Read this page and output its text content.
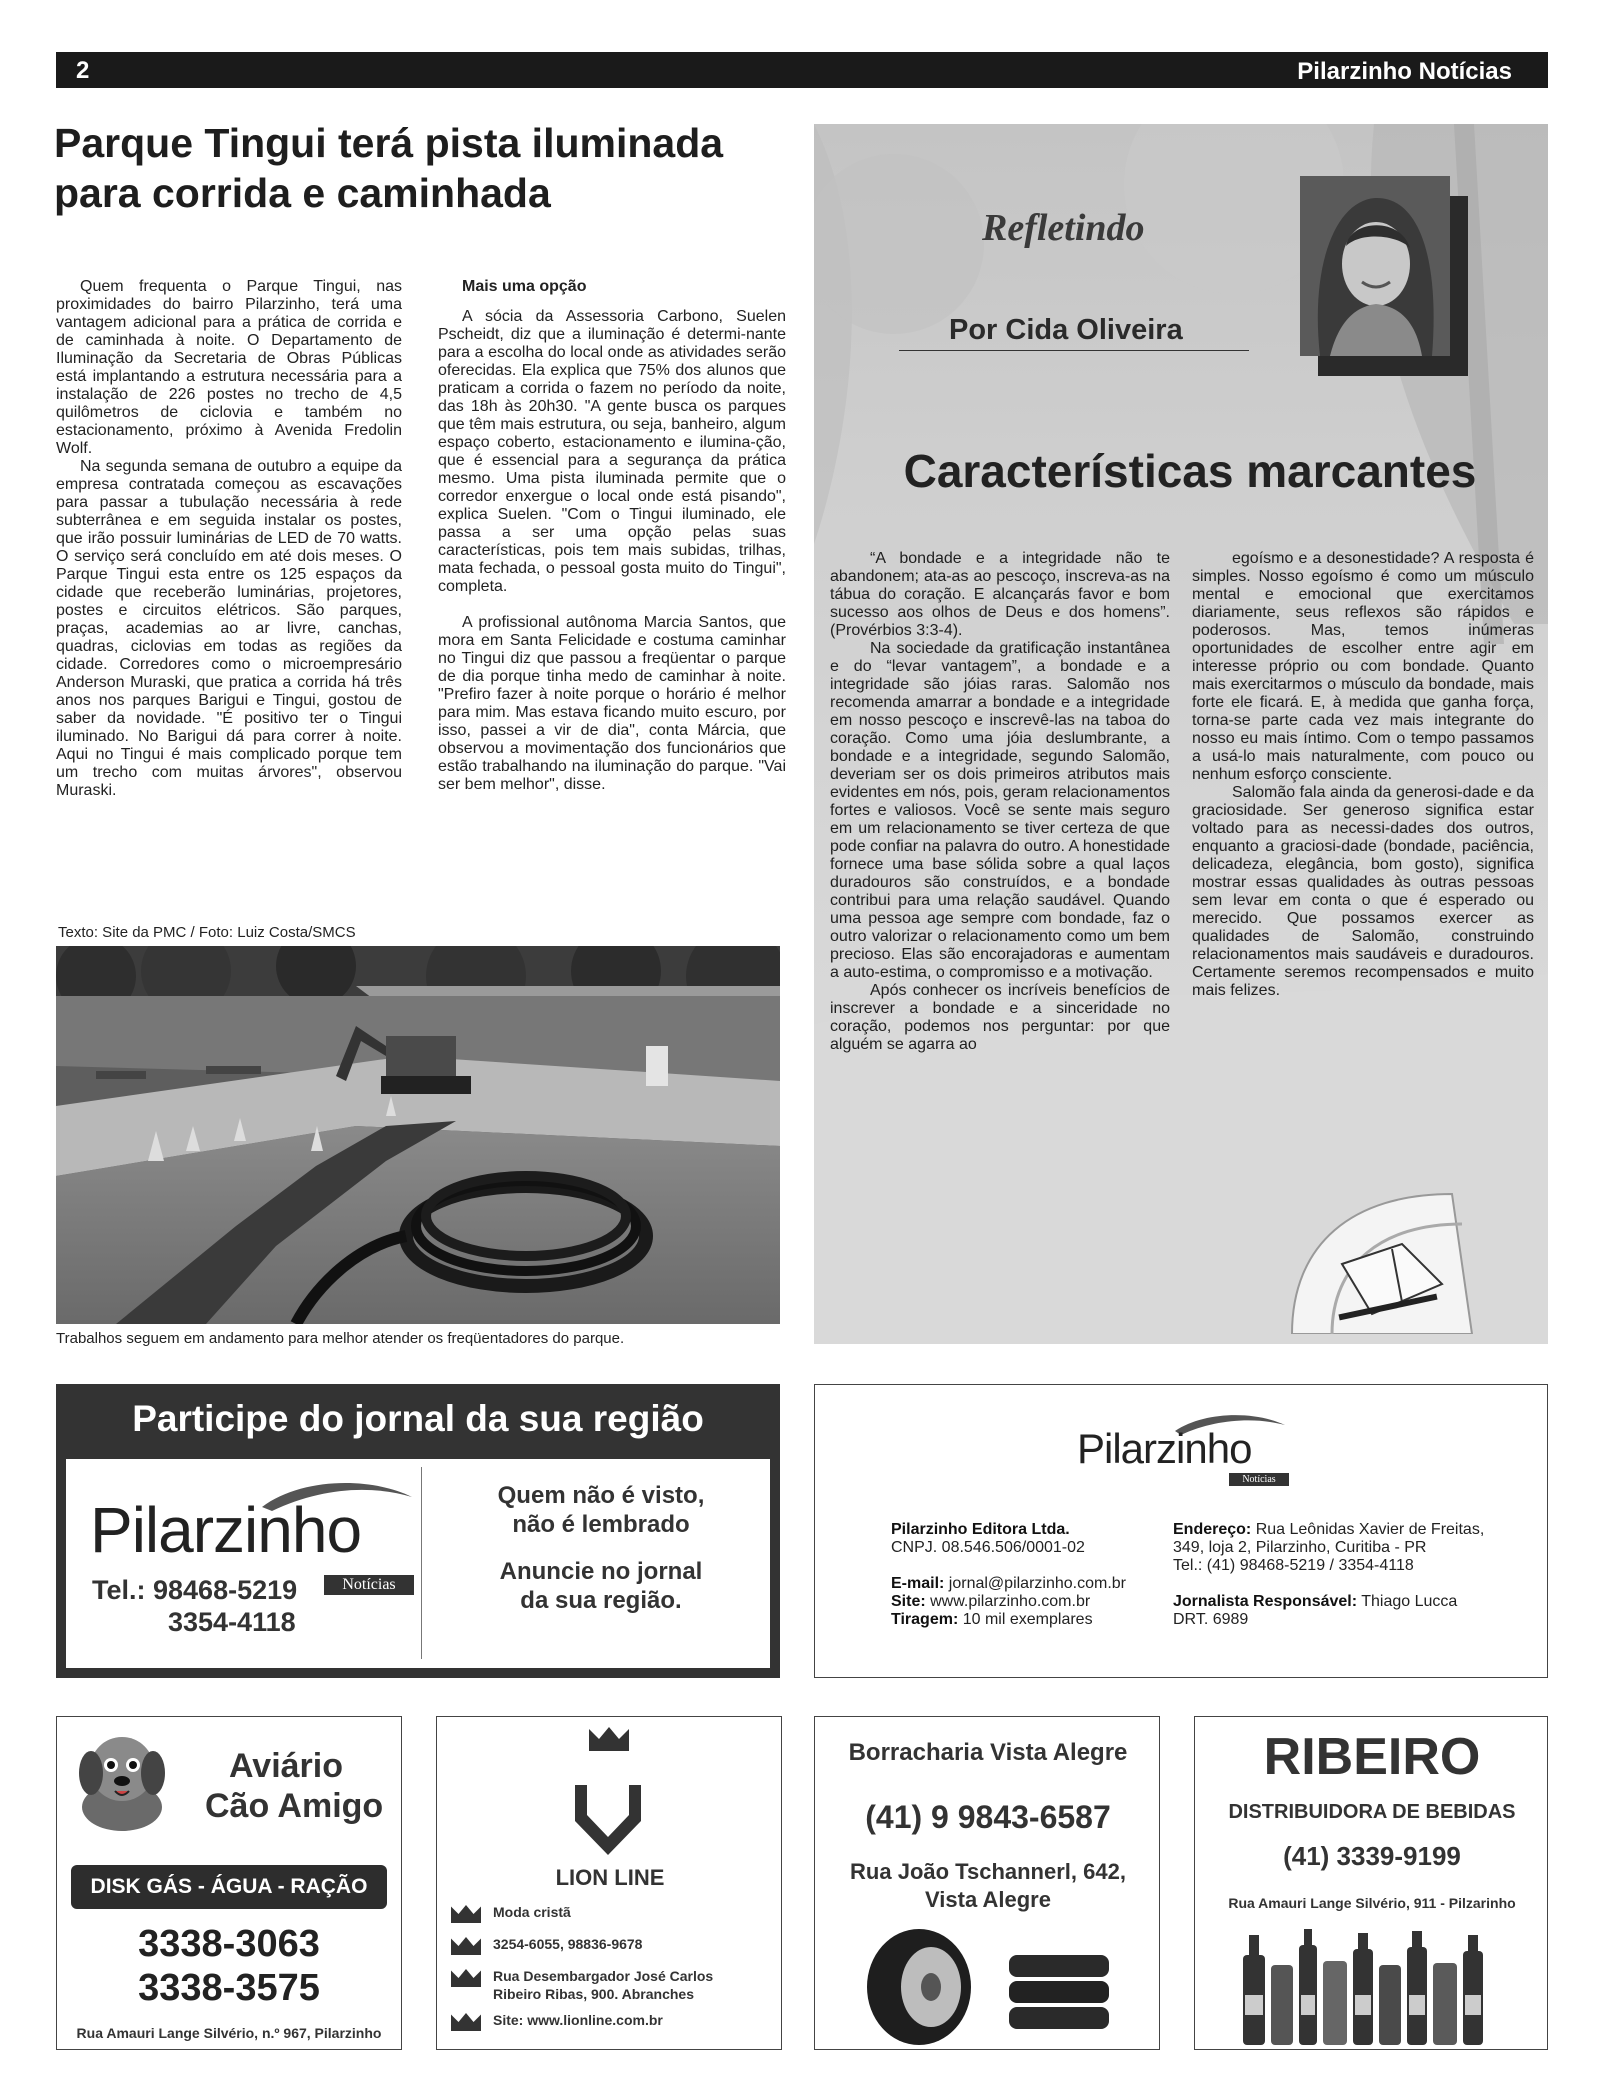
2	Pilarzinho Notícias
Parque Tingui terá pista iluminada
para corrida e caminhada

Quem frequenta o Parque Tingui, nas proximidades do bairro Pilarzinho, terá uma vantagem adicional para a prática de corrida e de caminhada à noite. O Departamento de Iluminação da Secretaria de Obras Públicas está implantando a estrutura necessária para a instalação de 226 postes no trecho de 4,5 quilômetros de ciclovia e também no estacionamento, próximo à Avenida Fredolin Wolf.

Na segunda semana de outubro a equipe da empresa contratada começou as escavações para passar a tubulação necessária à rede subterrânea e em seguida instalar os postes, que irão possuir luminárias de LED de 70 watts. O serviço será concluído em até dois meses. O Parque Tingui esta entre os 125 espaços da cidade que receberão luminárias, projetores, postes e circuitos elétricos. São parques, praças, academias ao ar livre, canchas, quadras, ciclovias em todas as regiões da cidade. Corredores como o microempresário Anderson Muraski, que pratica a corrida há três anos nos parques Barigui e Tingui, gostou de saber da novidade. "É positivo ter o Tingui iluminado. No Barigui dá para correr à noite. Aqui no Tingui é mais complicado porque tem um trecho com muitas árvores", observou Muraski.

Mais uma opção

A sócia da Assessoria Carbono, Suelen Pscheidt, diz que a iluminação é determi-nante para a escolha do local onde as atividades serão oferecidas. Ela explica que 75% dos alunos que praticam a corrida o fazem no período da noite, das 18h às 20h30. "A gente busca os parques que têm mais estrutura, ou seja, banheiro, algum espaço coberto, estacionamento e ilumina-ção, que é essencial para a segurança da prática mesmo. Uma pista iluminada permite que o corredor enxergue o local onde está pisando", explica Suelen. "Com o Tingui iluminado, ele passa a ser uma opção pelas suas características, pois tem mais subidas, trilhas, mata fechada, o pessoal gosta muito do Tingui", completa.

A profissional autônoma Marcia Santos, que mora em Santa Felicidade e costuma caminhar no Tingui diz que passou a freqüentar o parque de dia porque tinha medo de caminhar à noite. "Prefiro fazer à noite porque o horário é melhor para mim. Mas estava ficando muito escuro, por isso, passei a vir de dia", conta Márcia, que observou a movimentação dos funcionários que estão trabalhando na iluminação do parque. "Vai ser bem melhor", disse.

Texto: Site da PMC / Foto: Luiz Costa/SMCS
Trabalhos seguem em andamento para melhor atender os freqüentadores do parque.
Refletindo
Por Cida Oliveira
Características marcantes

“A bondade e a integridade não te abandonem; ata-as ao pescoço, inscreva-as na tábua do coração. E alcançarás favor e bom sucesso aos olhos de Deus e dos homens”. (Provérbios 3:3-4).

Na sociedade da gratificação instantânea e do “levar vantagem”, a bondade e a integridade são jóias raras. Salomão nos recomenda amarrar a bondade e a integridade em nosso pescoço e inscrevê-las na taboa do coração. Como uma jóia deslumbrante, a bondade e a integridade, segundo Salomão, deveriam ser os dois primeiros atributos mais evidentes em nós, pois, geram relacionamentos fortes e valiosos. Você se sente mais seguro em um relacionamento se tiver certeza de que pode confiar na palavra do outro. A honestidade fornece uma base sólida sobre a qual laços duradouros são construídos, e a bondade contribui para uma relação saudável. Quando uma pessoa age sempre com bondade, faz o outro valorizar o relacionamento como um bem precioso. Elas são encorajadoras e aumentam a auto-estima, o compromisso e a motivação.

Após conhecer os incríveis benefícios de inscrever a bondade e a sinceridade no coração, podemos nos perguntar: por que alguém se agarra ao

egoísmo e a desonestidade? A resposta é simples. Nosso egoísmo é como um músculo mental e emocional que exercitamos diariamente, seus reflexos são rápidos e poderosos. Mas, temos inúmeras oportunidades de escolher entre agir em interesse próprio ou com bondade. Quanto mais exercitarmos o músculo da bondade, mais forte ele ficará. E, à medida que ganha força, torna-se parte cada vez mais integrante do nosso eu mais íntimo. Com o tempo passamos a usá-lo mais naturalmente, com pouco ou nenhum esforço consciente.

Salomão fala ainda da generosi-dade e da graciosidade. Ser generoso significa estar voltado para as necessi-dades dos outros, enquanto a graciosi-dade (bondade, paciência, delicadeza, elegância, bom gosto), significa mostrar essas qualidades às outras pessoas sem levar em conta o que é esperado ou merecido. Que possamos exercer as qualidades de Salomão, construindo relacionamentos mais saudáveis e duradouros. Certamente seremos recompensados e muito mais felizes.

Participe do jornal da sua região
Pilarzinho
Notícias
Tel.: 98468-5219
3354-4118
Quem não é visto,
não é lembrado
Anuncie no jornal
da sua região.
Pilarzinho
Notícias
Pilarzinho Editora Ltda.
CNPJ. 08.546.506/0001-02
E-mail: jornal@pilarzinho.com.br
Site: www.pilarzinho.com.br
Tiragem: 10 mil exemplares
Endereço: Rua Leônidas Xavier de Freitas,
349, loja 2, Pilarzinho, Curitiba - PR
Tel.: (41) 98468-5219 / 3354-4118
Jornalista Responsável: Thiago Lucca
DRT. 6989
Aviário
Cão Amigo
DISK GÁS - ÁGUA - RAÇÃO
3338-3063
3338-3575
Rua Amauri Lange Silvério, n.º 967, Pilarzinho
LION LINE
Moda cristã
3254-6055, 98836-9678
Rua Desembargador José Carlos
Ribeiro Ribas, 900. Abranches
Site: www.lionline.com.br
Borracharia Vista Alegre
(41) 9 9843-6587
Rua João Tschannerl, 642,
Vista Alegre
RIBEIRO
DISTRIBUIDORA DE BEBIDAS
(41) 3339-9199
Rua Amauri Lange Silvério, 911 - Pilzarinho
